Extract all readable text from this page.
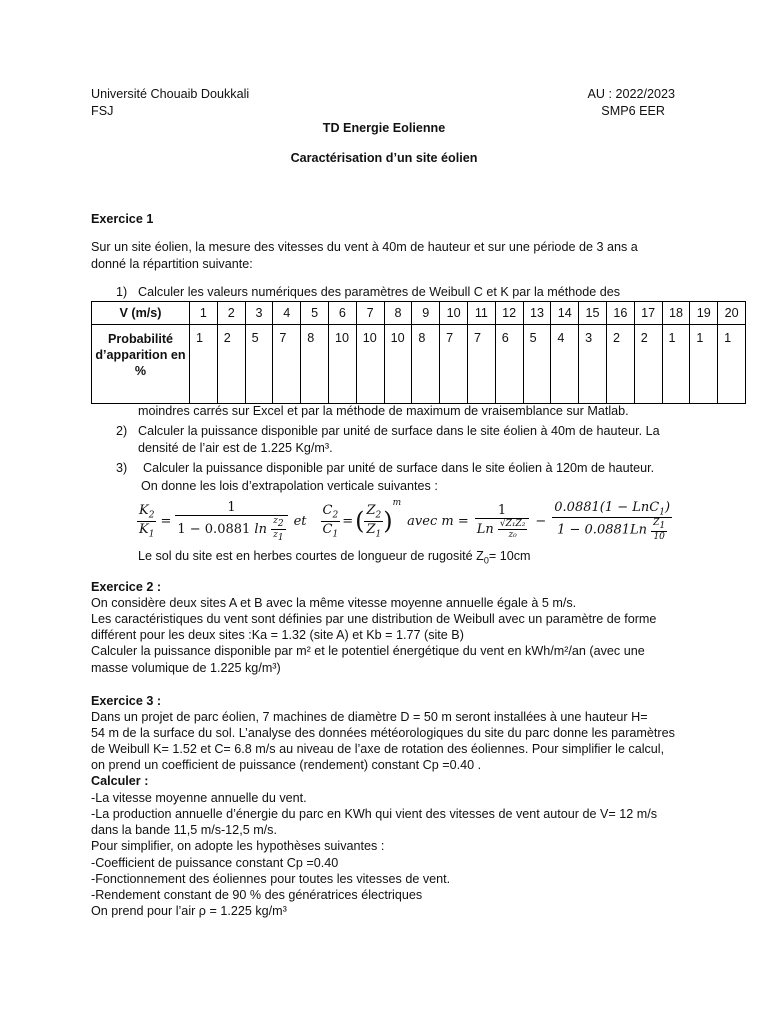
Université Chouaib Doukkali
FSJ
AU : 2022/2023
SMP6 EER
TD Energie Eolienne
Caractérisation d’un site éolien
Exercice 1
Sur un site éolien, la mesure des vitesses du vent à 40m de hauteur et sur une période de 3 ans a
donné la répartition suivante:
1) Calculer les valeurs numériques des paramètres de Weibull C et K par la méthode des
V (m/s)	1	2	3	4	5	6	7	8	9	10	11	12	13	14	15	16	17	18	19	20
Probabilité d’apparition en %	1	2	5	7	8	10	10	10	8	7	7	6	5	4	3	2	2	1	1	1
moindres carrés sur Excel et par la méthode de maximum de vraisemblance sur Matlab.
2) Calculer la puissance disponible par unité de surface dans le site éolien à 40m de hauteur. La
densité de l’air est de 1.225 Kg/m³.
3) Calculer la puissance disponible par unité de surface dans le site éolien à 120m de hauteur.
On donne les lois d’extrapolation verticale suivantes :
$\frac{K_2}{K_1} = \frac{1}{1 - 0.0881 \ln \frac{z_2}{z_1}}$ et $\frac{C_2}{C_1}$ = ( $\frac{Z_2}{Z_1}$ )
$^m$
avec $m = \frac{1}{Ln \frac{\text{√Z₁Z₂}}{\text{z₀}}} - \frac{0.0881(1 - LnC_1)}{1 - 0.0881Ln \frac{Z_1}{10}}$
Le sol du site est en herbes courtes de longueur de rugosité $Z_0= 10cm$
Exercice 2 :
On considère deux sites A et B avec la même vitesse moyenne annuelle égale à 5 m/s.
Les caractéristiques du vent sont définies par une distribution de Weibull avec un paramètre de forme
différent pour les deux sites :Ka = 1.32 (site A) et Kb = 1.77 (site B)
Calculer la puissance disponible par m² et le potentiel énergétique du vent en kWh/m²/an (avec une
masse volumique de 1.225 kg/m³)
Exercice 3 :
Dans un projet de parc éolien, 7 machines de diamètre D = 50 m seront installées à une hauteur H=
54 m de la surface du sol. L’analyse des données météorologiques du site du parc donne les paramètres
de Weibull K= 1.52 et C= 6.8 m/s au niveau de l’axe de rotation des éoliennes. Pour simplifier le calcul,
on prend un coefficient de puissance (rendement) constant Cp =0.40 .
Calculer :
-La vitesse moyenne annuelle du vent.
-La production annuelle d’énergie du parc en KWh qui vient des vitesses de vent autour de V= 12 m/s
dans la bande 11,5 m/s-12,5 m/s.
Pour simplifier, on adopte les hypothèses suivantes :
-Coefficient de puissance constant Cp =0.40
-Fonctionnement des éoliennes pour toutes les vitesses de vent.
-Rendement constant de 90 % des génératrices électriques
On prend pour l’air ρ = 1.225 kg/m³
